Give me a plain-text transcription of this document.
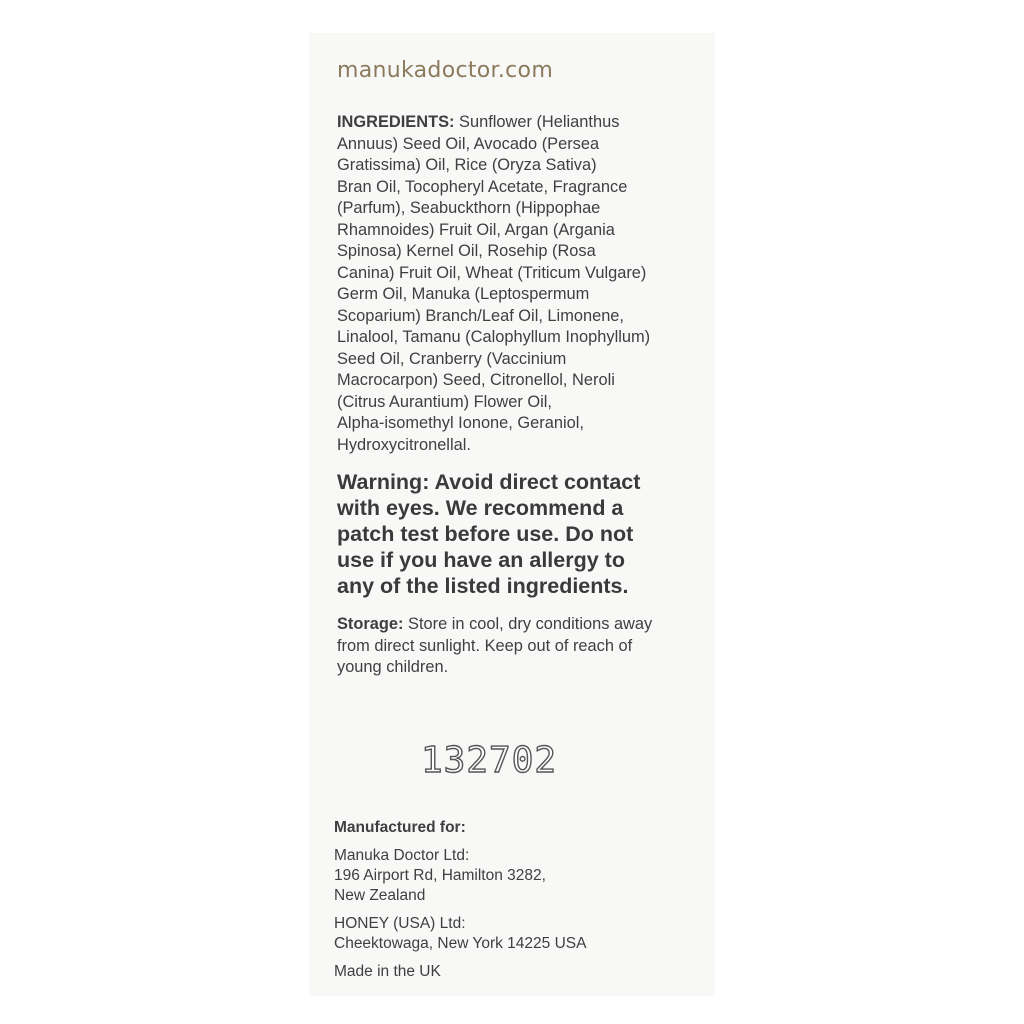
manukadoctor.com
INGREDIENTS: Sunflower (Helianthus
Annuus) Seed Oil, Avocado (Persea
Gratissima) Oil, Rice (Oryza Sativa)
Bran Oil, Tocopheryl Acetate, Fragrance
(Parfum), Seabuckthorn (Hippophae
Rhamnoides) Fruit Oil, Argan (Argania
Spinosa) Kernel Oil, Rosehip (Rosa
Canina) Fruit Oil, Wheat (Triticum Vulgare)
Germ Oil, Manuka (Leptospermum
Scoparium) Branch/Leaf Oil, Limonene,
Linalool, Tamanu (Calophyllum Inophyllum)
Seed Oil, Cranberry (Vaccinium
Macrocarpon) Seed, Citronellol, Neroli
(Citrus Aurantium) Flower Oil,
Alpha-isomethyl Ionone, Geraniol,
Hydroxycitronellal.
Warning: Avoid direct contact
with eyes. We recommend a
patch test before use. Do not
use if you have an allergy to
any of the listed ingredients.
Storage: Store in cool, dry conditions away
from direct sunlight. Keep out of reach of
young children.
132702
Manufactured for:
Manuka Doctor Ltd:
196 Airport Rd, Hamilton 3282,
New Zealand
HONEY (USA) Ltd:
Cheektowaga, New York 14225 USA
Made in the UK
